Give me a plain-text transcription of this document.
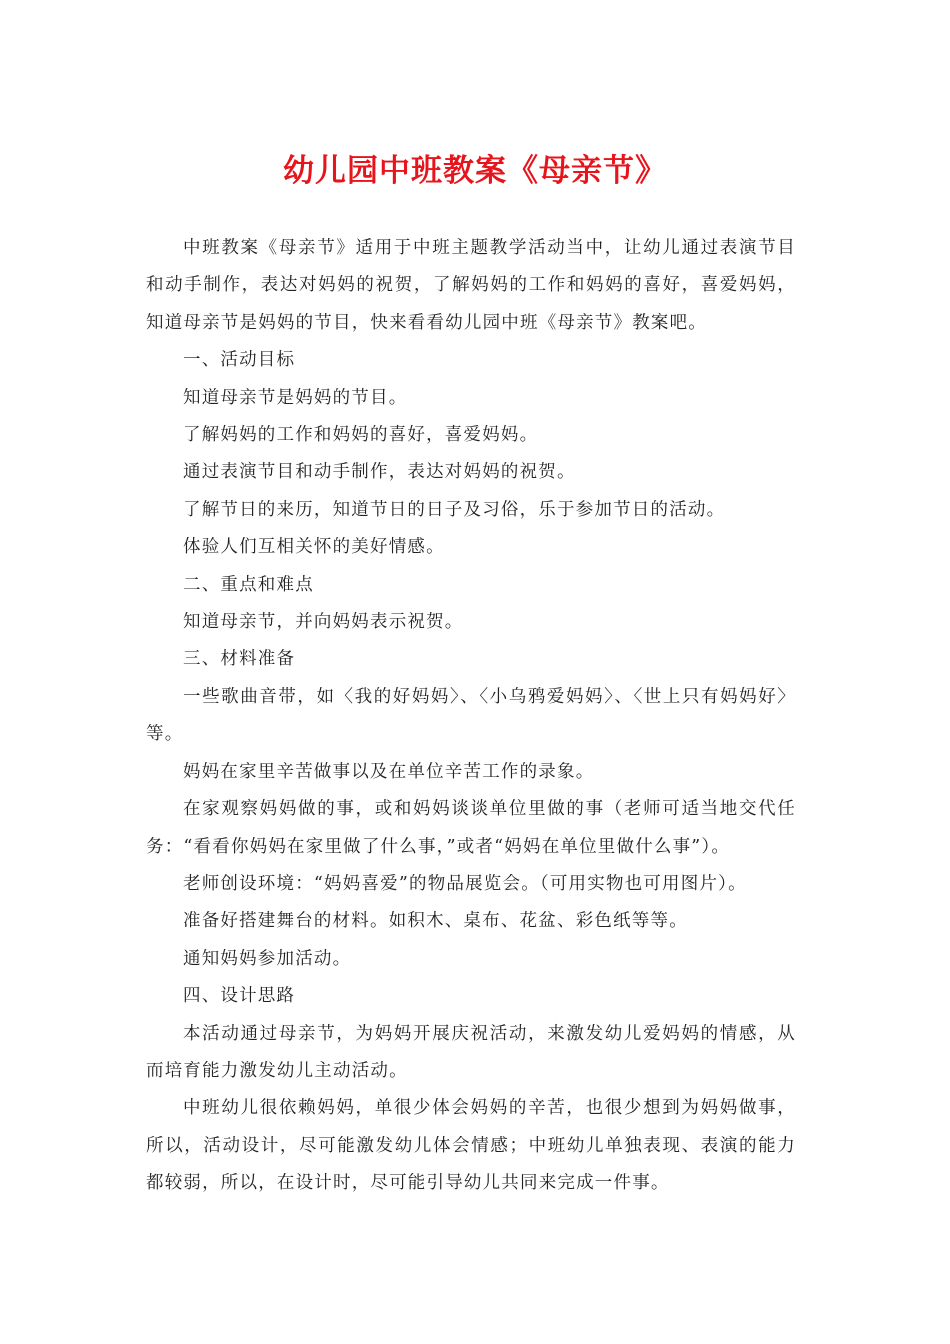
幼儿园中班教案《母亲节》

中班教案《母亲节》适用于中班主题教学活动当中，让幼儿通过表演节目和动手制作，表达对妈妈的祝贺，了解妈妈的工作和妈妈的喜好，喜爱妈妈，知道母亲节是妈妈的节目，快来看看幼儿园中班《母亲节》教案吧。

一、活动目标

知道母亲节是妈妈的节目。

了解妈妈的工作和妈妈的喜好，喜爱妈妈。

通过表演节目和动手制作，表达对妈妈的祝贺。

了解节日的来历，知道节日的日子及习俗，乐于参加节日的活动。

体验人们互相关怀的美好情感。

二、重点和难点

知道母亲节，并向妈妈表示祝贺。

三、材料准备

一些歌曲音带，如〈我的好妈妈〉、〈小乌鸦爱妈妈〉、〈世上只有妈妈好〉等。

妈妈在家里辛苦做事以及在单位辛苦工作的录象。

在家观察妈妈做的事，或和妈妈谈谈单位里做的事（老师可适当地交代任务：“看看你妈妈在家里做了什么事，”或者“妈妈在单位里做什么事”）。

老师创设环境：“妈妈喜爱”的物品展览会。（可用实物也可用图片）。

准备好搭建舞台的材料。如积木、桌布、花盆、彩色纸等等。

通知妈妈参加活动。

四、设计思路

本活动通过母亲节，为妈妈开展庆祝活动，来激发幼儿爱妈妈的情感，从而培育能力激发幼儿主动活动。

中班幼儿很依赖妈妈，单很少体会妈妈的辛苦，也很少想到为妈妈做事，所以，活动设计，尽可能激发幼儿体会情感；中班幼儿单独表现、表演的能力都较弱，所以，在设计时，尽可能引导幼儿共同来完成一件事。
